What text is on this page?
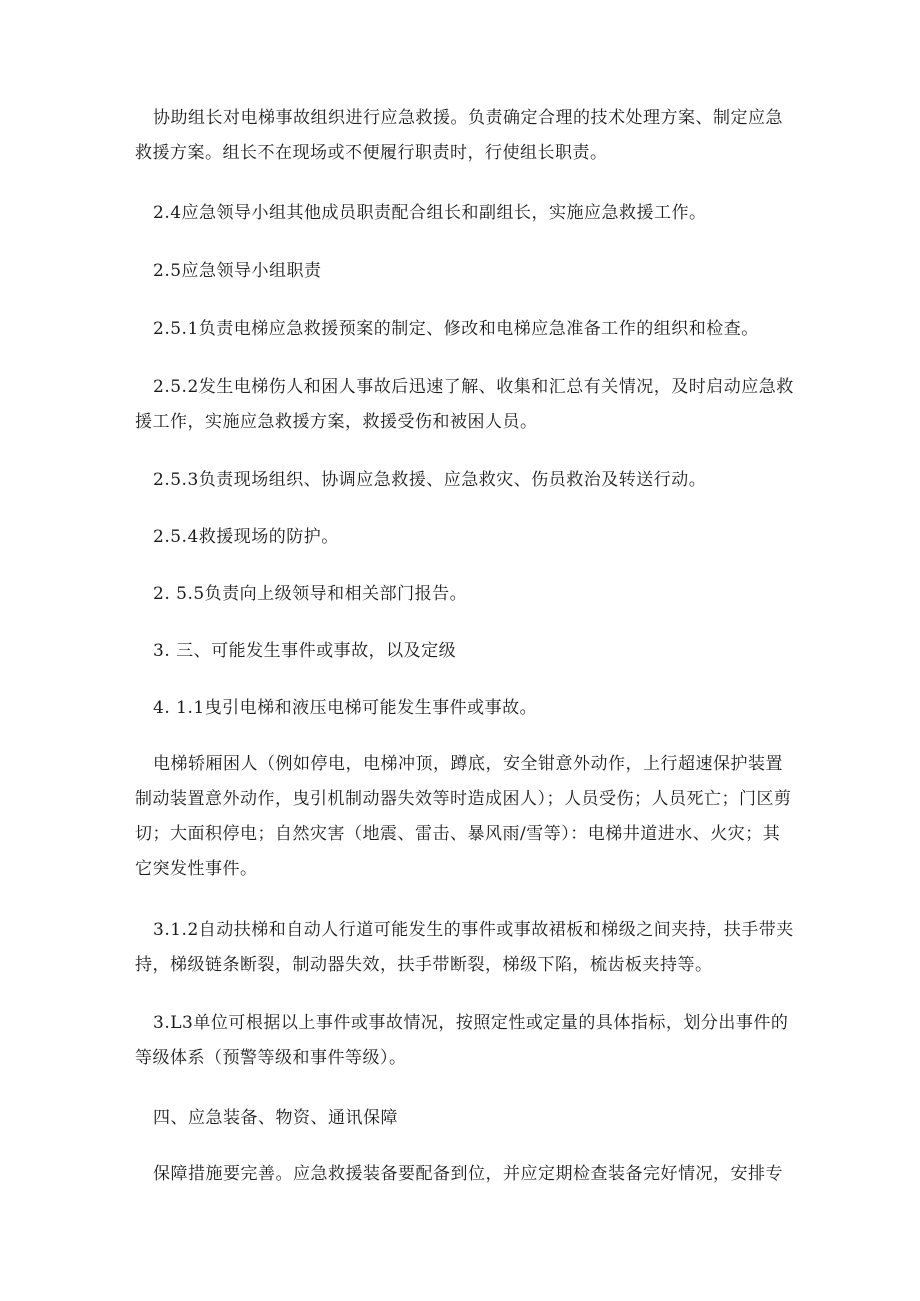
协助组长对电梯事故组织进行应急救援。负责确定合理的技术处理方案、制定应急救援方案。组长不在现场或不便履行职责时，行使组长职责。

2.4应急领导小组其他成员职责配合组长和副组长，实施应急救援工作。

2.5应急领导小组职责

2.5.1负责电梯应急救援预案的制定、修改和电梯应急准备工作的组织和检查。

2.5.2发生电梯伤人和困人事故后迅速了解、收集和汇总有关情况，及时启动应急救援工作，实施应急救援方案，救援受伤和被困人员。

2.5.3负责现场组织、协调应急救援、应急救灾、伤员救治及转送行动。

2.5.4救援现场的防护。

2. 5.5负责向上级领导和相关部门报告。

3. 三、可能发生事件或事故，以及定级

4. 1.1曳引电梯和液压电梯可能发生事件或事故。

电梯轿厢困人（例如停电，电梯冲顶，蹲底，安全钳意外动作，上行超速保护装置制动装置意外动作，曳引机制动器失效等时造成困人）；人员受伤；人员死亡；门区剪切；大面积停电；自然灾害（地震、雷击、暴风雨/雪等）：电梯井道进水、火灾；其它突发性事件。

3.1.2自动扶梯和自动人行道可能发生的事件或事故裙板和梯级之间夹持，扶手带夹持，梯级链条断裂，制动器失效，扶手带断裂，梯级下陷，梳齿板夹持等。

3.L3单位可根据以上事件或事故情况，按照定性或定量的具体指标，划分出事件的等级体系（预警等级和事件等级）。

四、应急装备、物资、通讯保障

保障措施要完善。应急救援装备要配备到位，并应定期检查装备完好情况，安排专
